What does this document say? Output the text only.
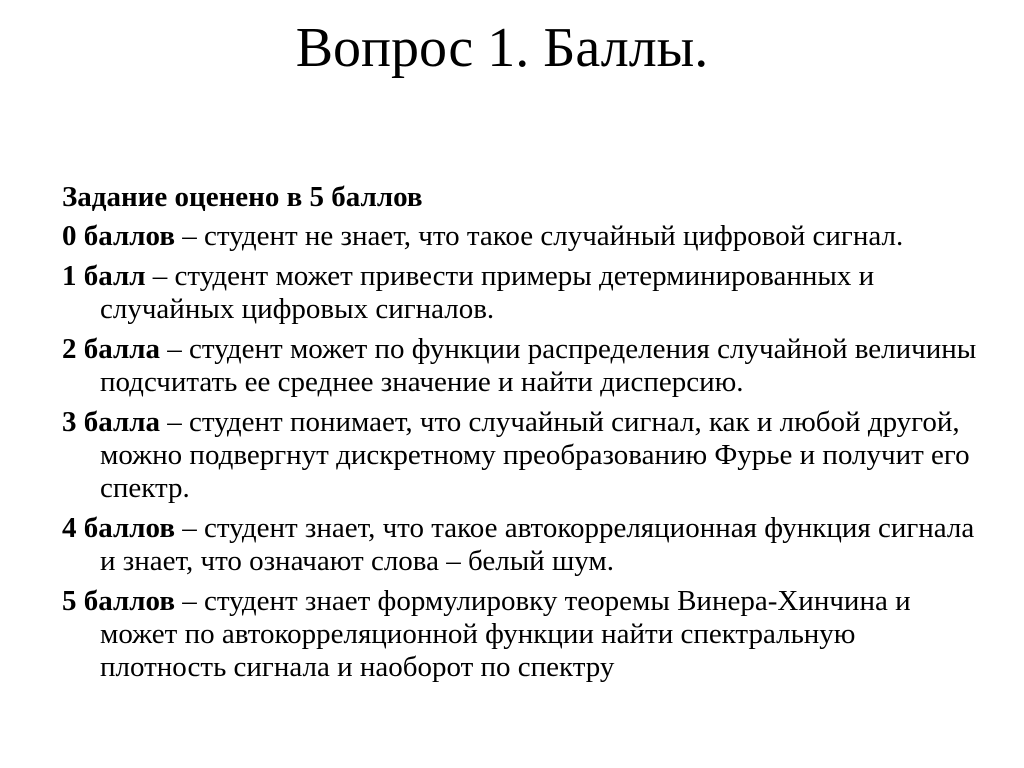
Вопрос 1. Баллы.
Задание оценено в 5 баллов
0 баллов – студент не знает, что такое случайный цифровой сигнал.
1 балл – студент может привести примеры детерминированных и случайных цифровых сигналов.
2 балла – студент может по функции распределения случайной величины подсчитать ее среднее значение и найти дисперсию.
3 балла – студент понимает, что случайный сигнал, как и любой другой, можно подвергнут дискретному преобразованию Фурье и получит его спектр.
4 баллов – студент знает, что такое автокорреляционная функция сигнала и знает, что означают слова – белый шум.
5 баллов – студент знает формулировку теоремы Винера-Хинчина и может по автокорреляционной функции найти спектральную плотность сигнала и наоборот по спектру
